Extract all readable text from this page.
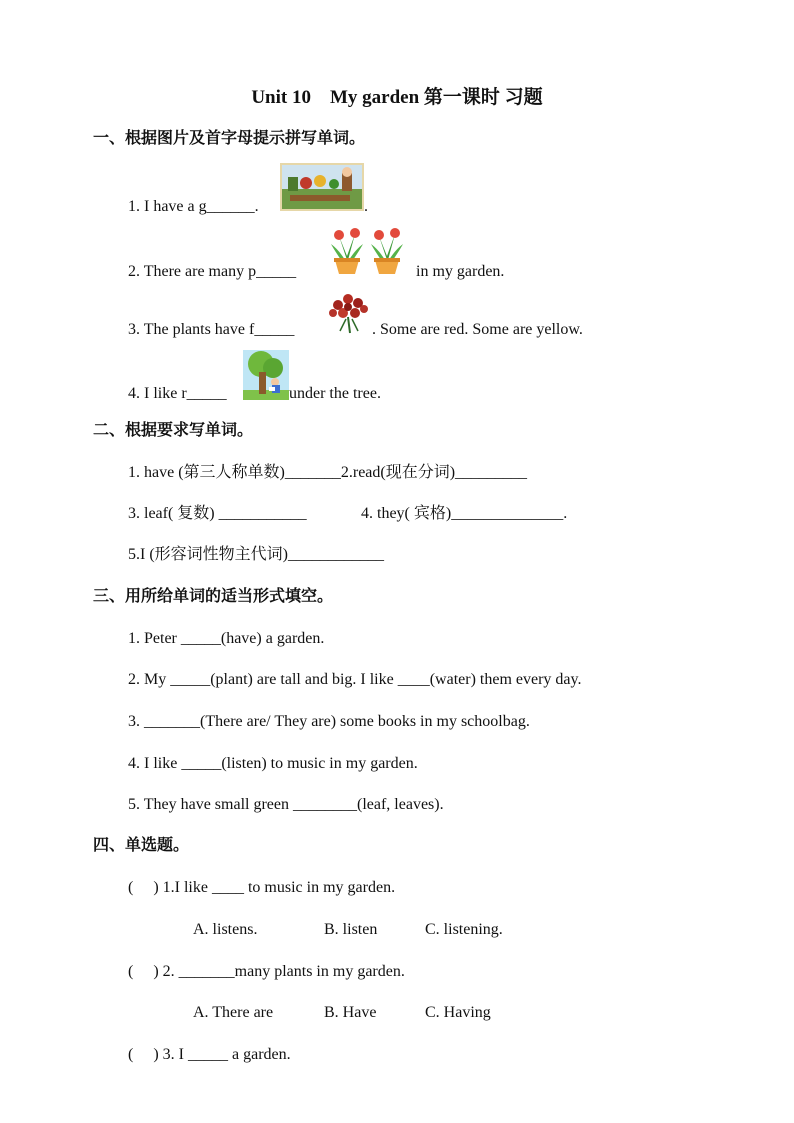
Unit 10　My garden 第一课时 习题
一、根据图片及首字母提示拼写单词。
1. I have a g______.	.
2. There are many p_____	in my garden.
3. The plants have f_____	. Some are red. Some are yellow.
4. I like r_____	under the tree.
二、根据要求写单词。
1. have (第三人称单数)_______2.read(现在分词)_________
3. leaf( 复数) ___________	4. they( 宾格)______________.
5.I (形容词性物主代词)____________
三、用所给单词的适当形式填空。
1. Peter _____(have) a garden.
2. My _____(plant) are tall and big. I like ____(water) them every day.
3. _______(There are/ They are) some books in my schoolbag.
4. I like _____(listen) to music in my garden.
5. They have small green ________(leaf, leaves).
四、单选题。
(　 ) 1.I like ____ to music in my garden.
A. listens.	B. listen	C. listening.
(　 ) 2. _______many plants in my garden.
A. There are	B. Have	C. Having
(　 ) 3. I _____ a garden.
